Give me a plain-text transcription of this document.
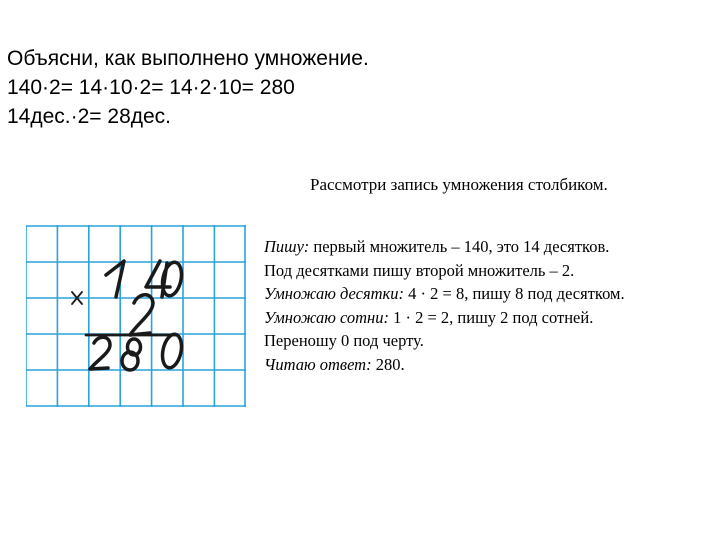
Объясни, как выполнено умножение.
140·2= 14·10·2= 14·2·10= 280
14дес.·2= 28дес.
Рассмотри запись умножения столбиком.
Пишу: первый множитель – 140, это 14 десятков.
Под десятками пишу второй множитель – 2.
Умножаю десятки: 4 · 2 = 8, пишу 8 под десятком.
Умножаю сотни: 1 · 2 = 2, пишу 2 под сотней.
Переношу 0 под черту.
Читаю ответ: 280.
